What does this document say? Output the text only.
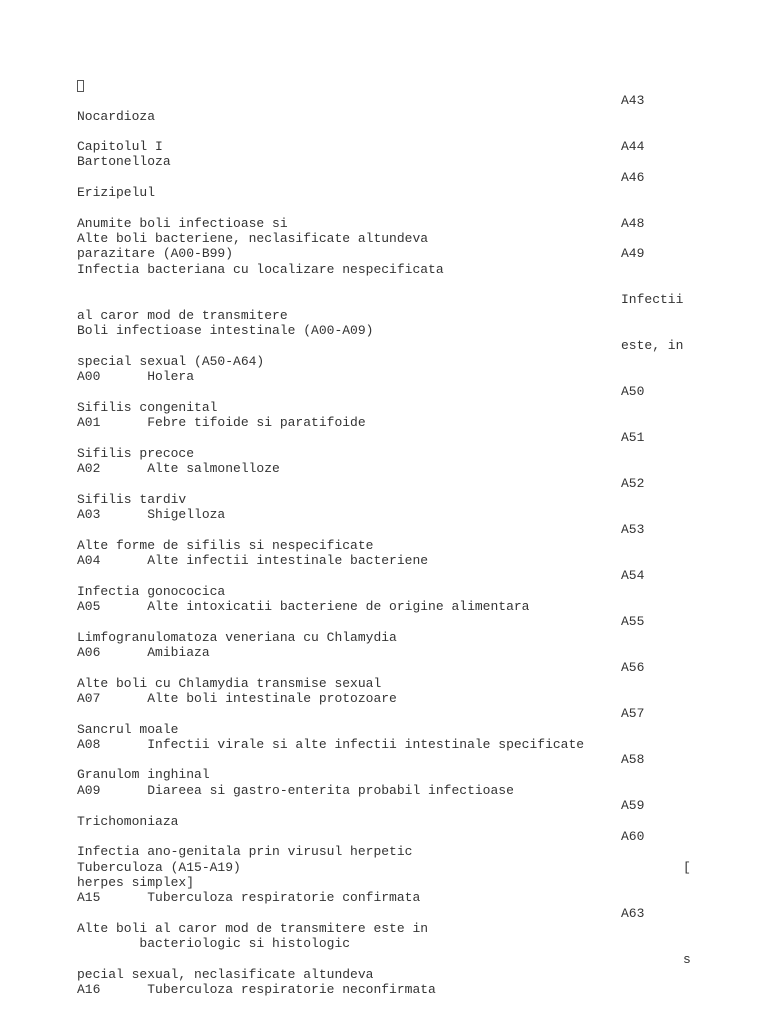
Nocardioza
Capitolul I
Bartonelloza
Erizipelul
Anumite boli infectioase si
Alte boli bacteriene, neclasificate altundeva
parazitare (A00-B99)
Infectia bacteriana cu localizare nespecificata
al caror mod de transmitere
Boli infectioase intestinale (A00-A09)
special sexual (A50-A64)
A00      Holera
Sifilis congenital
A01      Febre tifoide si paratifoide
Sifilis precoce
A02      Alte salmonelloze
Sifilis tardiv
A03      Shigelloza
Alte forme de sifilis si nespecificate
A04      Alte infectii intestinale bacteriene
Infectia gonococica
A05      Alte intoxicatii bacteriene de origine alimentara
Limfogranulomatoza veneriana cu Chlamydia
A06      Amibiaza
Alte boli cu Chlamydia transmise sexual
A07      Alte boli intestinale protozoare
Sancrul moale
A08      Infectii virale si alte infectii intestinale specificate
Granulom inghinal
A09      Diareea si gastro-enterita probabil infectioase
Trichomoniaza
Infectia ano-genitala prin virusul herpetic
Tuberculoza (A15-A19)
herpes simplex]
A15      Tuberculoza respiratorie confirmata
Alte boli al caror mod de transmitere este in
bacteriologic si histologic
pecial sexual, neclasificate altundeva
A16      Tuberculoza respiratorie neconfirmata
A43
A44
A46
A48
A49
Infectii
este, in
A50
A51
A52
A53
A54
A55
A56
A57
A58
A59
A60
[
A63
s
